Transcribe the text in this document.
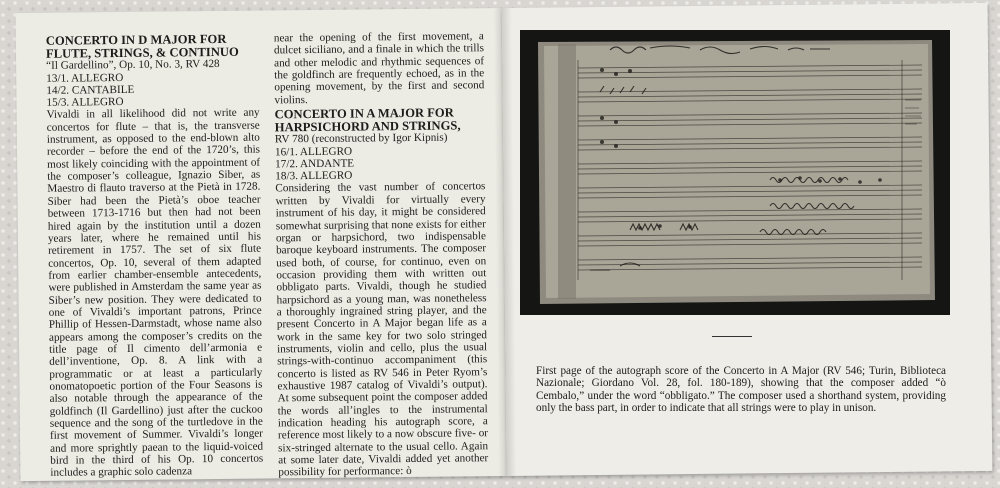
CONCERTO IN D MAJOR FOR
FLUTE, STRINGS, & CONTINUO
“Il Gardellino”, Op. 10, No. 3, RV 428
13/1. ALLEGRO
14/2. CANTABILE
15/3. ALLEGRO

Vivaldi in all likelihood did not write any concertos for flute – that is, the transverse instrument, as opposed to the end-blown alto recorder – before the end of the 1720’s, this most likely coinciding with the appointment of the composer’s colleague, Ignazio Siber, as Maestro di flauto traverso at the Pietà in 1728. Siber had been the Pietà’s oboe teacher between 1713-1716 but then had not been hired again by the institution until a dozen years later, where he remained until his retirement in 1757. The set of six flute concertos, Op. 10, several of them adapted from earlier chamber-ensemble antecedents, were published in Amsterdam the same year as Siber’s new position. They were dedicated to one of Vivaldi’s important patrons, Prince Phillip of Hessen-Darmstadt, whose name also appears among the composer’s credits on the title page of Il cimento dell’armonia e dell’inventione, Op. 8. A link with a programmatic or at least a particularly onomatopoetic portion of the Four Seasons is also notable through the appearance of the goldfinch (Il Gardellino) just after the cuckoo sequence and the song of the turtledove in the first movement of Summer. Vivaldi’s longer and more sprightly paean to the liquid-voiced bird in the third of his Op. 10 concertos includes a graphic solo cadenza

near the opening of the first movement, a dulcet siciliano, and a finale in which the trills and other melodic and rhythmic sequences of the goldfinch are frequently echoed, as in the opening movement, by the first and second violins.

CONCERTO IN A MAJOR FOR
HARPSICHORD AND STRINGS,
RV 780 (reconstructed by Igor Kipnis)
16/1. ALLEGRO
17/2. ANDANTE
18/3. ALLEGRO

Considering the vast number of concertos written by Vivaldi for virtually every instrument of his day, it might be considered somewhat surprising that none exists for either organ or harpsichord, two indispensable baroque keyboard instruments. The composer used both, of course, for continuo, even on occasion providing them with written out obbligato parts. Vivaldi, though he studied harpsichord as a young man, was nonetheless a thoroughly ingrained string player, and the present Concerto in A Major began life as a work in the same key for two solo stringed instruments, violin and cello, plus the usual strings-with-continuo accompaniment (this concerto is listed as RV 546 in Peter Ryom’s exhaustive 1987 catalog of Vivaldi’s output). At some subsequent point the composer added the words all’ingles to the instrumental indication heading his autograph score, a reference most likely to a now obscure five- or six-stringed alternate to the usual cello. Again at some later date, Vivaldi added yet another possibility for performance: ò

First page of the autograph score of the Concerto in A Major (RV 546; Turin, Biblioteca Nazionale; Giordano Vol. 28, fol. 180-189), showing that the composer added “ò Cembalo,” under the word “obbligato.” The composer used a shorthand system, providing only the bass part, in order to indicate that all strings were to play in unison.
